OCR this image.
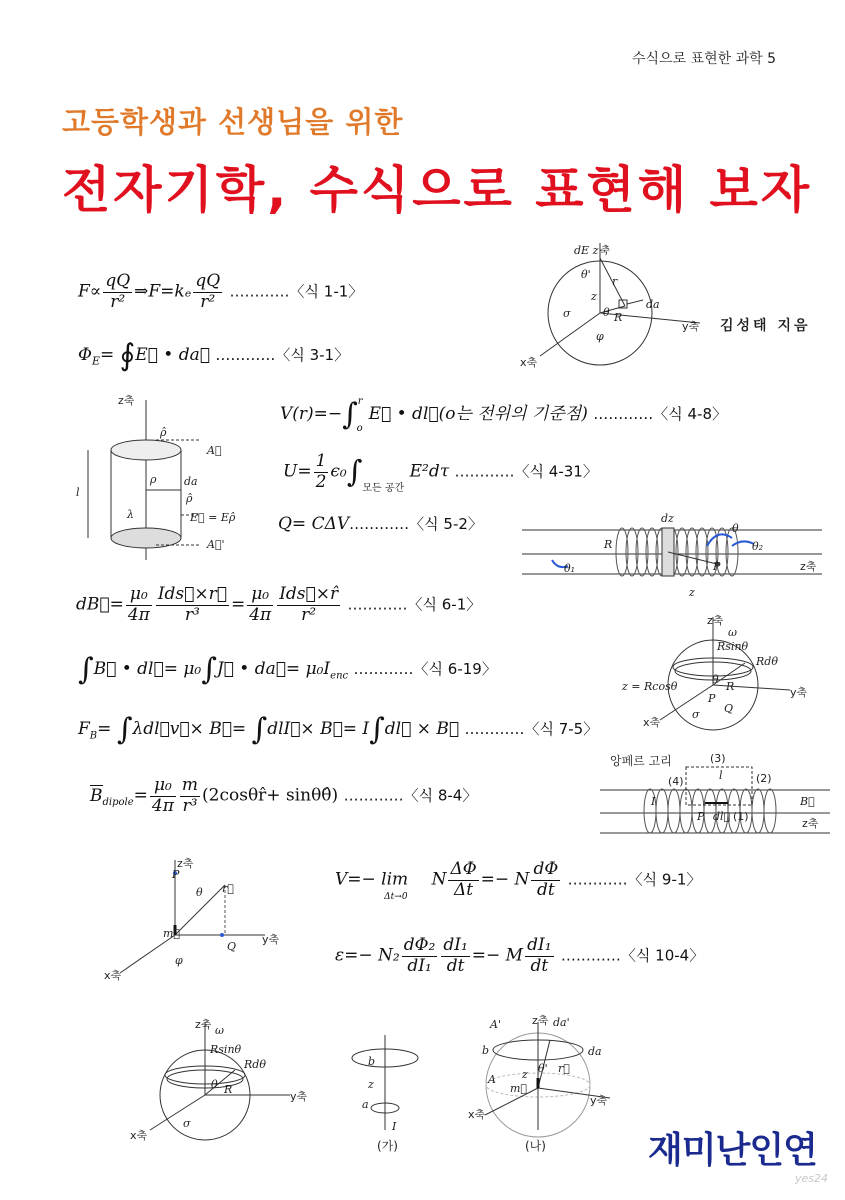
수식으로 표현한 과학 5
고등학생과 선생님을 위한
전자기학, 수식으로 표현해 보자
김성태 지음
$F\propto \frac{qQ}{\text{r²}}$ ⇒F=kₑ $\frac{qQ}{\text{r²}}$ …………〈식 1-1〉
$\Phi_E=$ ∮E⃗ • da⃗ …………〈식 3-1〉
V(r)=−∫$^r_o$E⃗ • dl⃗(o는 전위의 기준점) …………〈식 4-8〉
$U= \frac{1}{2} \epsilon_0\int_{모든 공간}$ E²dτ …………〈식 4-31〉
Q= CΔV…………〈식 5-2〉
dB⃗= $\frac{\text{μ₀}}{4\pi} \frac{\text{Ids⃗×r⃗}}{\text{r³}} = \frac{\text{μ₀}}{4\pi} \frac{\text{Ids⃗×r̂}}{\text{r²}}$ …………〈식 6-1〉
∫B⃗ • dl⃗= μ₀∫J⃗ • da⃗= $\mu_0I_{enc}$ …………〈식 6-19〉
$F_B=$ ∫λdl⃗v⃗× B⃗= ∫dlI⃗× B⃗= I∫dl⃗ × B⃗ …………〈식 7-5〉
$B_{dipole}= \frac{\text{μ₀}}{4\pi} \frac{m}{\text{r³}}$ (2cosθr̂+ sinθθ̂) …………〈식 8-4〉
$V=- \lim_{\Delta t\to 0}N \frac{\Delta\Phi}{\Delta t} =- N \frac{d\Phi}{dt}$ …………〈식 9-1〉
$\varepsilon=- N_2 \frac{\text{dΦ₂}}{\text{dI₁}} \frac{\text{dI₁}}{dt} =- M \frac{\text{dI₁}}{dt}$ …………〈식 10-4〉
dE z축
θ'
r
z
θ R
da
y축
σ
φ
x축
z축
ρ̂
A⃗
l
ρ	da
ρ̂
λ	E⃗ = Eρ̂
A⃗'
dz
R
θ
θ₂
θ₁	P	z축
z
z축
ω
Rsinθ
Rdθ
z = Rcosθ
θ
R
P	y축
x축
σ Q
앙페르 고리	(3)
(4)	l	(2)
I	B⃗
P dl⃗ (1)
z축
z축
P
θ r⃗
m⃗
Q
y축
φ
x축
z축 ω
Rsinθ
Rdθ
θ R
y축
x축
σ
b
z
a
I
(가)
A'	z축 da'
b	da
A
θ' r⃗
z
m⃗
x축
y축
(나)	재미난인연
yes24
